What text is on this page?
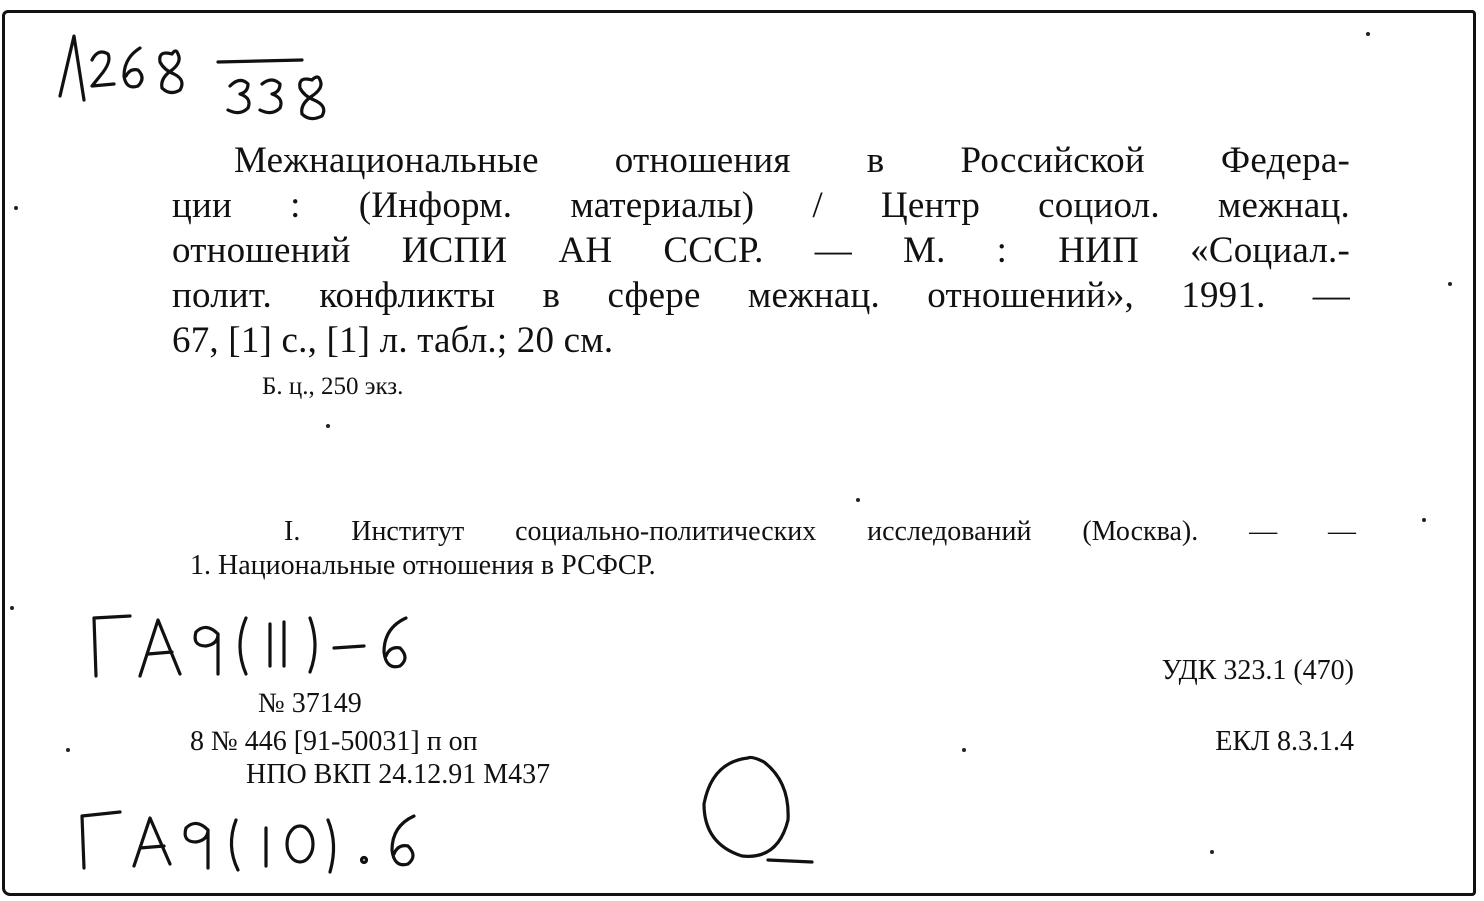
Межнациональные отношения в Российской Федера-
ции : (Информ. материалы) / Центр социол. межнац.
отношений ИСПИ АН СССР. — М. : НИП «Социал.-
полит. конфликты в сфере межнац. отношений», 1991. —
67, [1] с., [1] л. табл.; 20 см.

Б. ц., 250 экз.

I. Институт социально-политических исследований (Москва). — —
1. Национальные отношения в РСФСР.

УДК 323.1 (470)

ЕКЛ 8.3.1.4

№ 37149

8 № 446 [91-50031] п оп

НПО ВКП 24.12.91 М437
